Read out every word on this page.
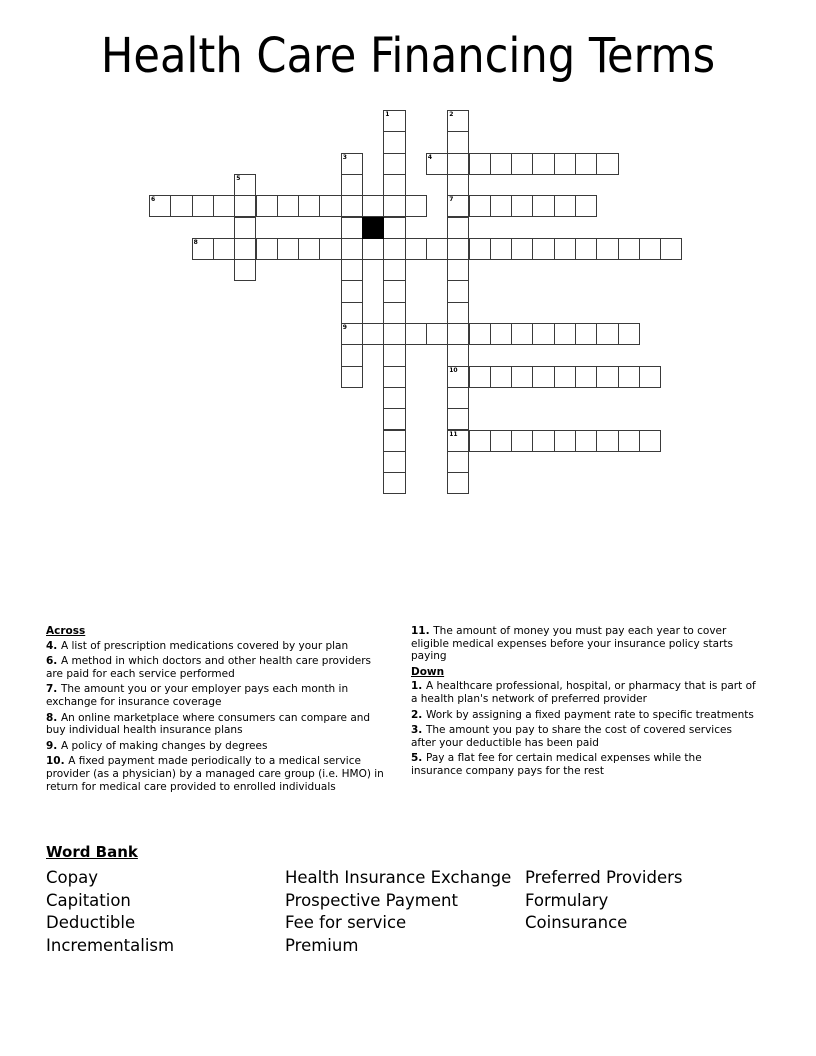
Health Care Financing Terms
1	2
7
10
11
3
9
4
5
6
8
Across
4. A list of prescription medications covered by your plan
6. A method in which doctors and other health care providers are paid for each service performed
7. The amount you or your employer pays each month in exchange for insurance coverage
8. An online marketplace where consumers can compare and buy individual health insurance plans
9. A policy of making changes by degrees
10. A fixed payment made periodically to a medical service provider (as a physician) by a managed care group (i.e. HMO) in return for medical care provided to enrolled individuals
11. The amount of money you must pay each year to cover eligible medical expenses before your insurance policy starts paying
Down
1. A healthcare professional, hospital, or pharmacy that is part of a health plan's network of preferred provider
2. Work by assigning a fixed payment rate to specific treatments
3. The amount you pay to share the cost of covered services after your deductible has been paid
5. Pay a flat fee for certain medical expenses while the insurance company pays for the rest
Word Bank
Copay
Capitation
Deductible
Incrementalism
Health Insurance Exchange
Prospective Payment
Fee for service
Premium
Preferred Providers
Formulary
Coinsurance
